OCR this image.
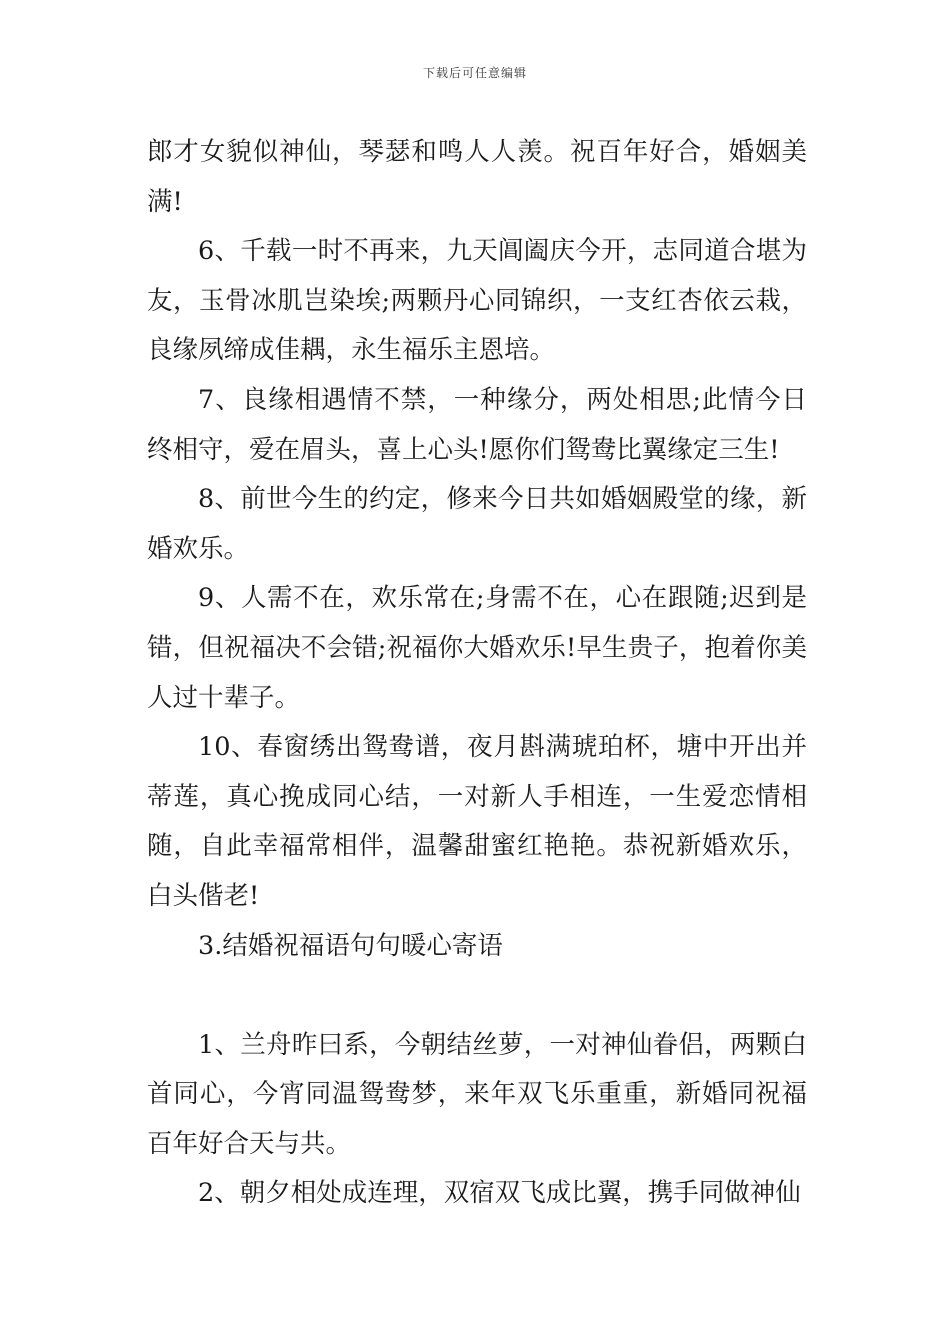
下载后可任意编辑

郎才女貌似神仙，琴瑟和鸣人人羡。祝百年好合，婚姻美满!

6、千载一时不再来，九天阊阖庆今开，志同道合堪为友，玉骨冰肌岂染埃;两颗丹心同锦织，一支红杏依云栽，良缘夙缔成佳耦，永生福乐主恩培。

7、良缘相遇情不禁，一种缘分，两处相思;此情今日终相守，爱在眉头，喜上心头!愿你们鸳鸯比翼缘定三生!

8、前世今生的约定，修来今日共如婚姻殿堂的缘，新婚欢乐。

9、人需不在，欢乐常在;身需不在，心在跟随;迟到是错，但祝福决不会错;祝福你大婚欢乐!早生贵子，抱着你美人过十辈子。

10、春窗绣出鸳鸯谱，夜月斟满琥珀杯，塘中开出并蒂莲，真心挽成同心结，一对新人手相连，一生爱恋情相随，自此幸福常相伴，温馨甜蜜红艳艳。恭祝新婚欢乐，白头偕老!

3.结婚祝福语句句暖心寄语

1、兰舟昨曰系，今朝结丝萝，一对神仙眷侣，两颗白首同心，今宵同温鸳鸯梦，来年双飞乐重重，新婚同祝福百年好合天与共。

2、朝夕相处成连理，双宿双飞成比翼，携手同做神仙
